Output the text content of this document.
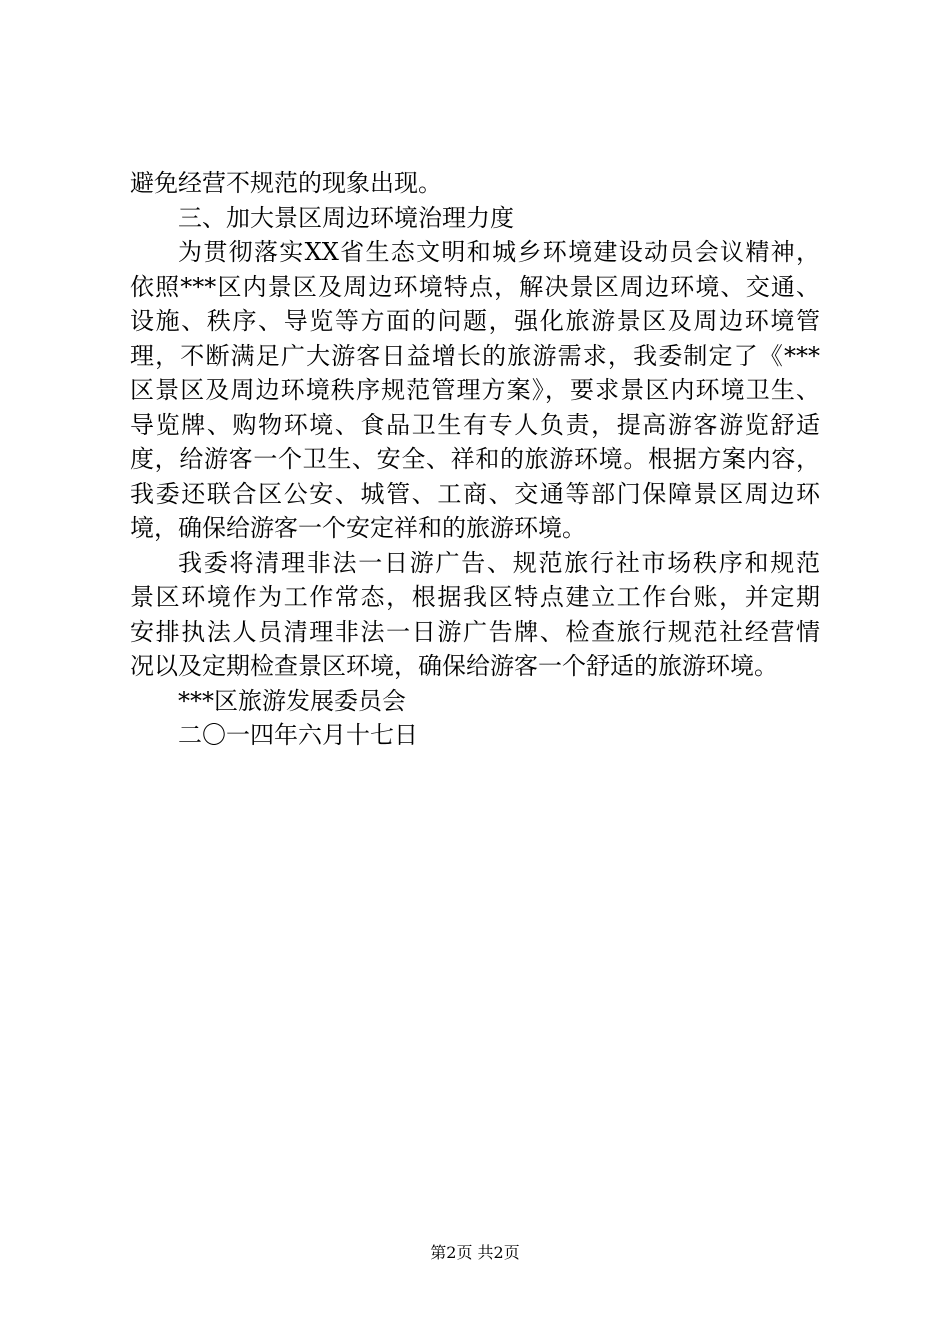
避免经营不规范的现象出现。
三、加大景区周边环境治理力度
为贯彻落实XX省生态文明和城乡环境建设动员会议精神，
依照***区内景区及周边环境特点，解决景区周边环境、交通、
设施、秩序、导览等方面的问题，强化旅游景区及周边环境管
理，不断满足广大游客日益增长的旅游需求，我委制定了《***
区景区及周边环境秩序规范管理方案》，要求景区内环境卫生、
导览牌、购物环境、食品卫生有专人负责，提高游客游览舒适
度，给游客一个卫生、安全、祥和的旅游环境。根据方案内容，
我委还联合区公安、城管、工商、交通等部门保障景区周边环
境，确保给游客一个安定祥和的旅游环境。
我委将清理非法一日游广告、规范旅行社市场秩序和规范
景区环境作为工作常态，根据我区特点建立工作台账，并定期
安排执法人员清理非法一日游广告牌、检查旅行规范社经营情
况以及定期检查景区环境，确保给游客一个舒适的旅游环境。
***区旅游发展委员会
二〇一四年六月十七日
第2页 共2页
